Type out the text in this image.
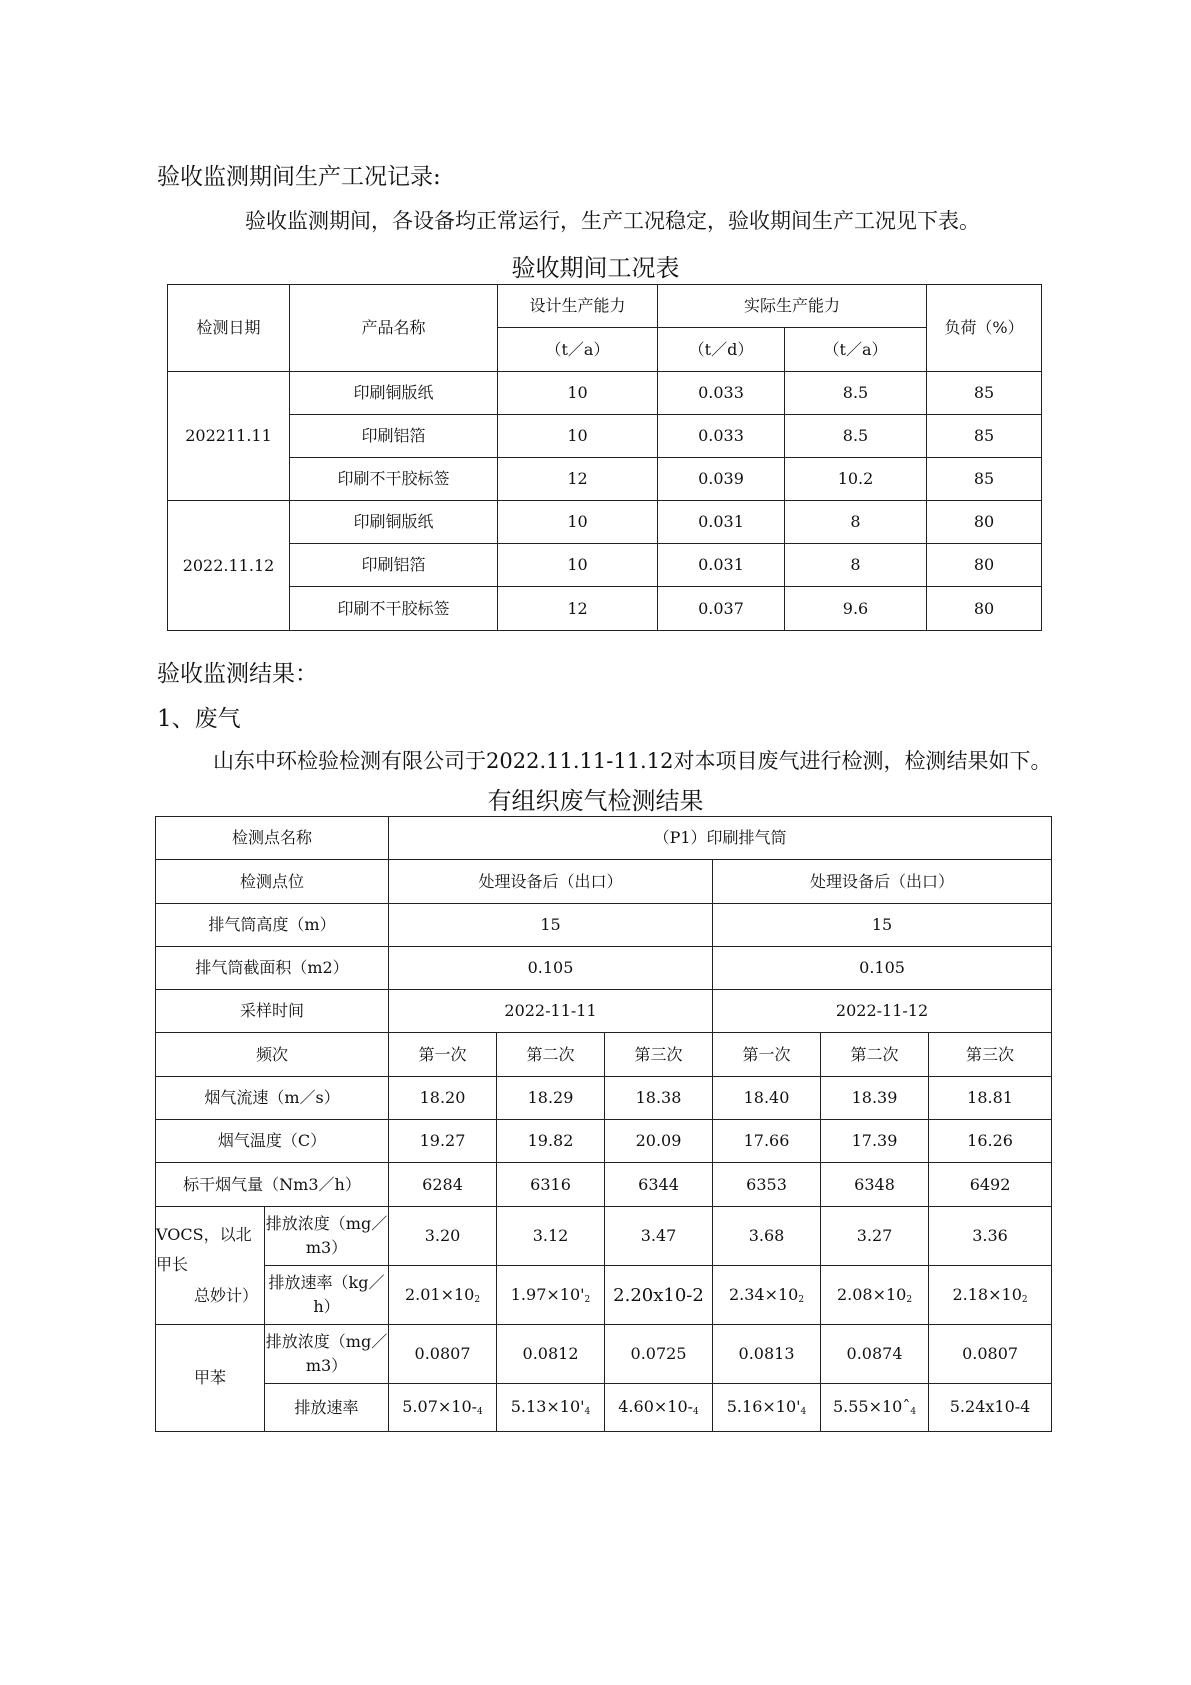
验收监测期间生产工况记录:
验收监测期间，各设备均正常运行，生产工况稳定，验收期间生产工况见下表。
验收期间工况表
检测日期	产品名称	设计生产能力	实际生产能力		负荷（%）
		（t／a）	（t／d）	（t／a）	
202211.11	印刷铜版纸	10	0.033	8.5	85
	印刷铝箔	10	0.033	8.5	85
	印刷不干胶标签	12	0.039	10.2	85
2022.11.12	印刷铜版纸	10	0.031	8	80
	印刷铝箔	10	0.031	8	80
	印刷不干胶标签	12	0.037	9.6	80
验收监测结果：
1、废气
山东中环检验检测有限公司于2022.11.11-11.12对本项目废气进行检测，检测结果如下。
有组织废气检测结果
检测点名称		（P1）印刷排气筒					
检测点位		处理设备后（出口）			处理设备后（出口）		
排气筒高度（m）		15			15		
排气筒截面积（m2）		0.105			0.105		
采样时间		2022-11-11			2022-11-12		
频次		第一次	第二次	第三次	第一次	第二次	第三次
烟气流速（m／s）		18.20	18.29	18.38	18.40	18.39	18.81
烟气温度（C）		19.27	19.82	20.09	17.66	17.39	16.26
标干烟气量（Nm3／h）		6284	6316	6344	6353	6348	6492

VOCS，以北甲长
总妙计）	排放浓度（mg／m3）	3.20	3.12	3.47	3.68	3.27	3.36
	排放速率（kg／h）	$2.01\times 10_2$	$1.97\times 10'_2$	2.20x10-2	$2.34\times 10_2$	$2.08\times 10_2$	$2.18\times 10_2$
甲苯	排放浓度（mg／m3）	0.0807	0.0812	0.0725	0.0813	0.0874	0.0807
	排放速率	$5.07\times 10-_4$	$5.13\times 10'_4$	$4.60\times 10-_4$	$5.16\times 10'_4$	5.55×10ˆ$_4$	5.24x10-4
